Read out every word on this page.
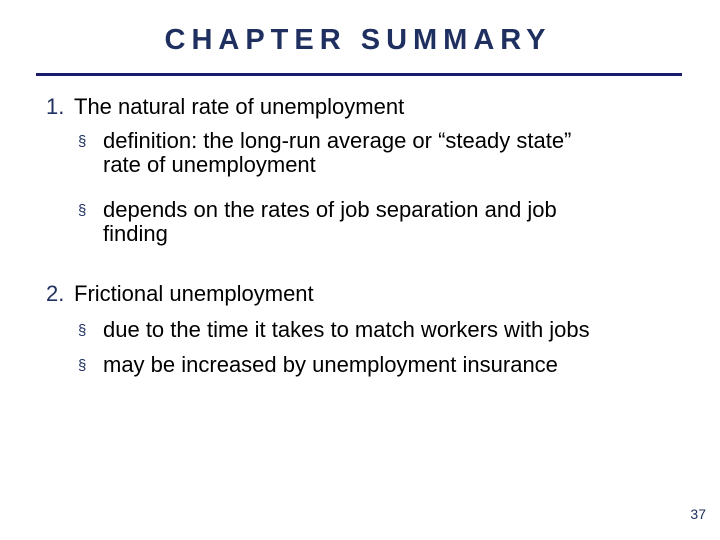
CHAPTER SUMMARY
1. The natural rate of unemployment
§ definition: the long-run average or “steady state”
rate of unemployment
§ depends on the rates of job separation and job
finding
2. Frictional unemployment
§ due to the time it takes to match workers with jobs
§ may be increased by unemployment insurance
37
